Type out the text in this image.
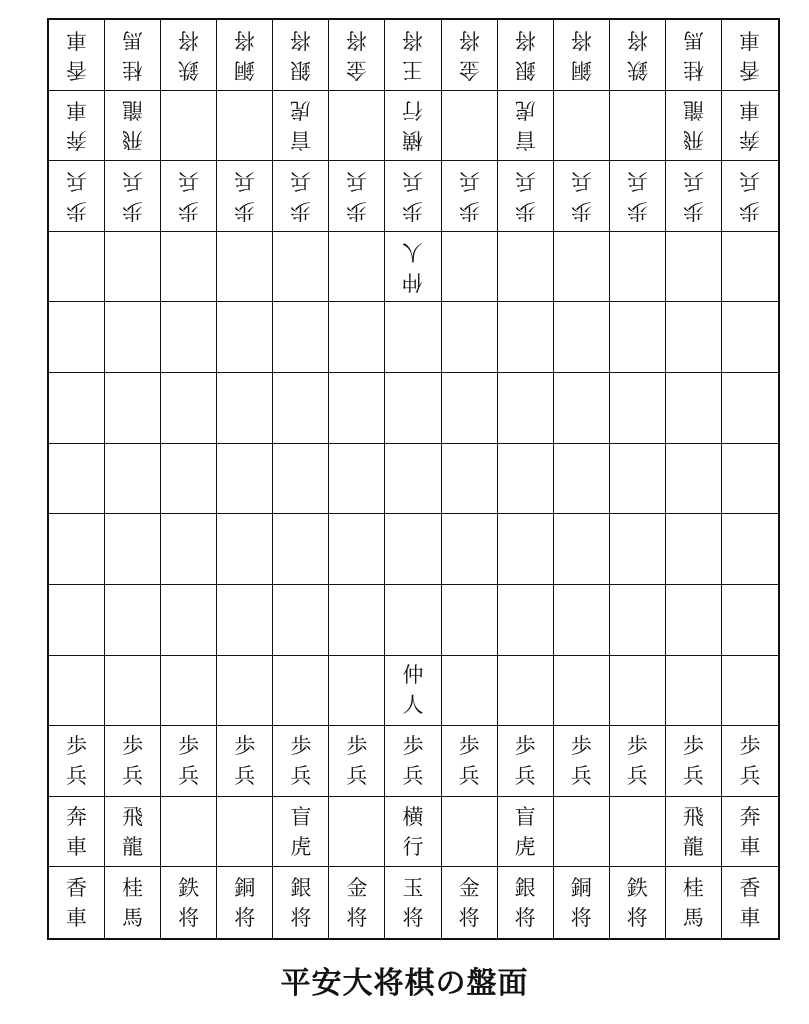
香
車
桂
馬
鉄
将
銅
将
銀
将
金
将
王
将
金
将
銀
将
銅
将
鉄
将
桂
馬
香
車
奔
車
飛
龍
盲
虎
横
行
盲
虎
飛
龍
奔
車
歩
兵
歩
兵
歩
兵
歩
兵
歩
兵
歩
兵
歩
兵
歩
兵
歩
兵
歩
兵
歩
兵
歩
兵
歩
兵
仲
人
仲
人
歩
兵
歩
兵
歩
兵
歩
兵
歩
兵
歩
兵
歩
兵
歩
兵
歩
兵
歩
兵
歩
兵
歩
兵
歩
兵
奔
車
飛
龍
盲
虎
横
行
盲
虎
飛
龍
奔
車
香
車
桂
馬
鉄
将
銅
将
銀
将
金
将
玉
将
金
将
銀
将
銅
将
鉄
将
桂
馬
香
車
平安大将棋の盤面
